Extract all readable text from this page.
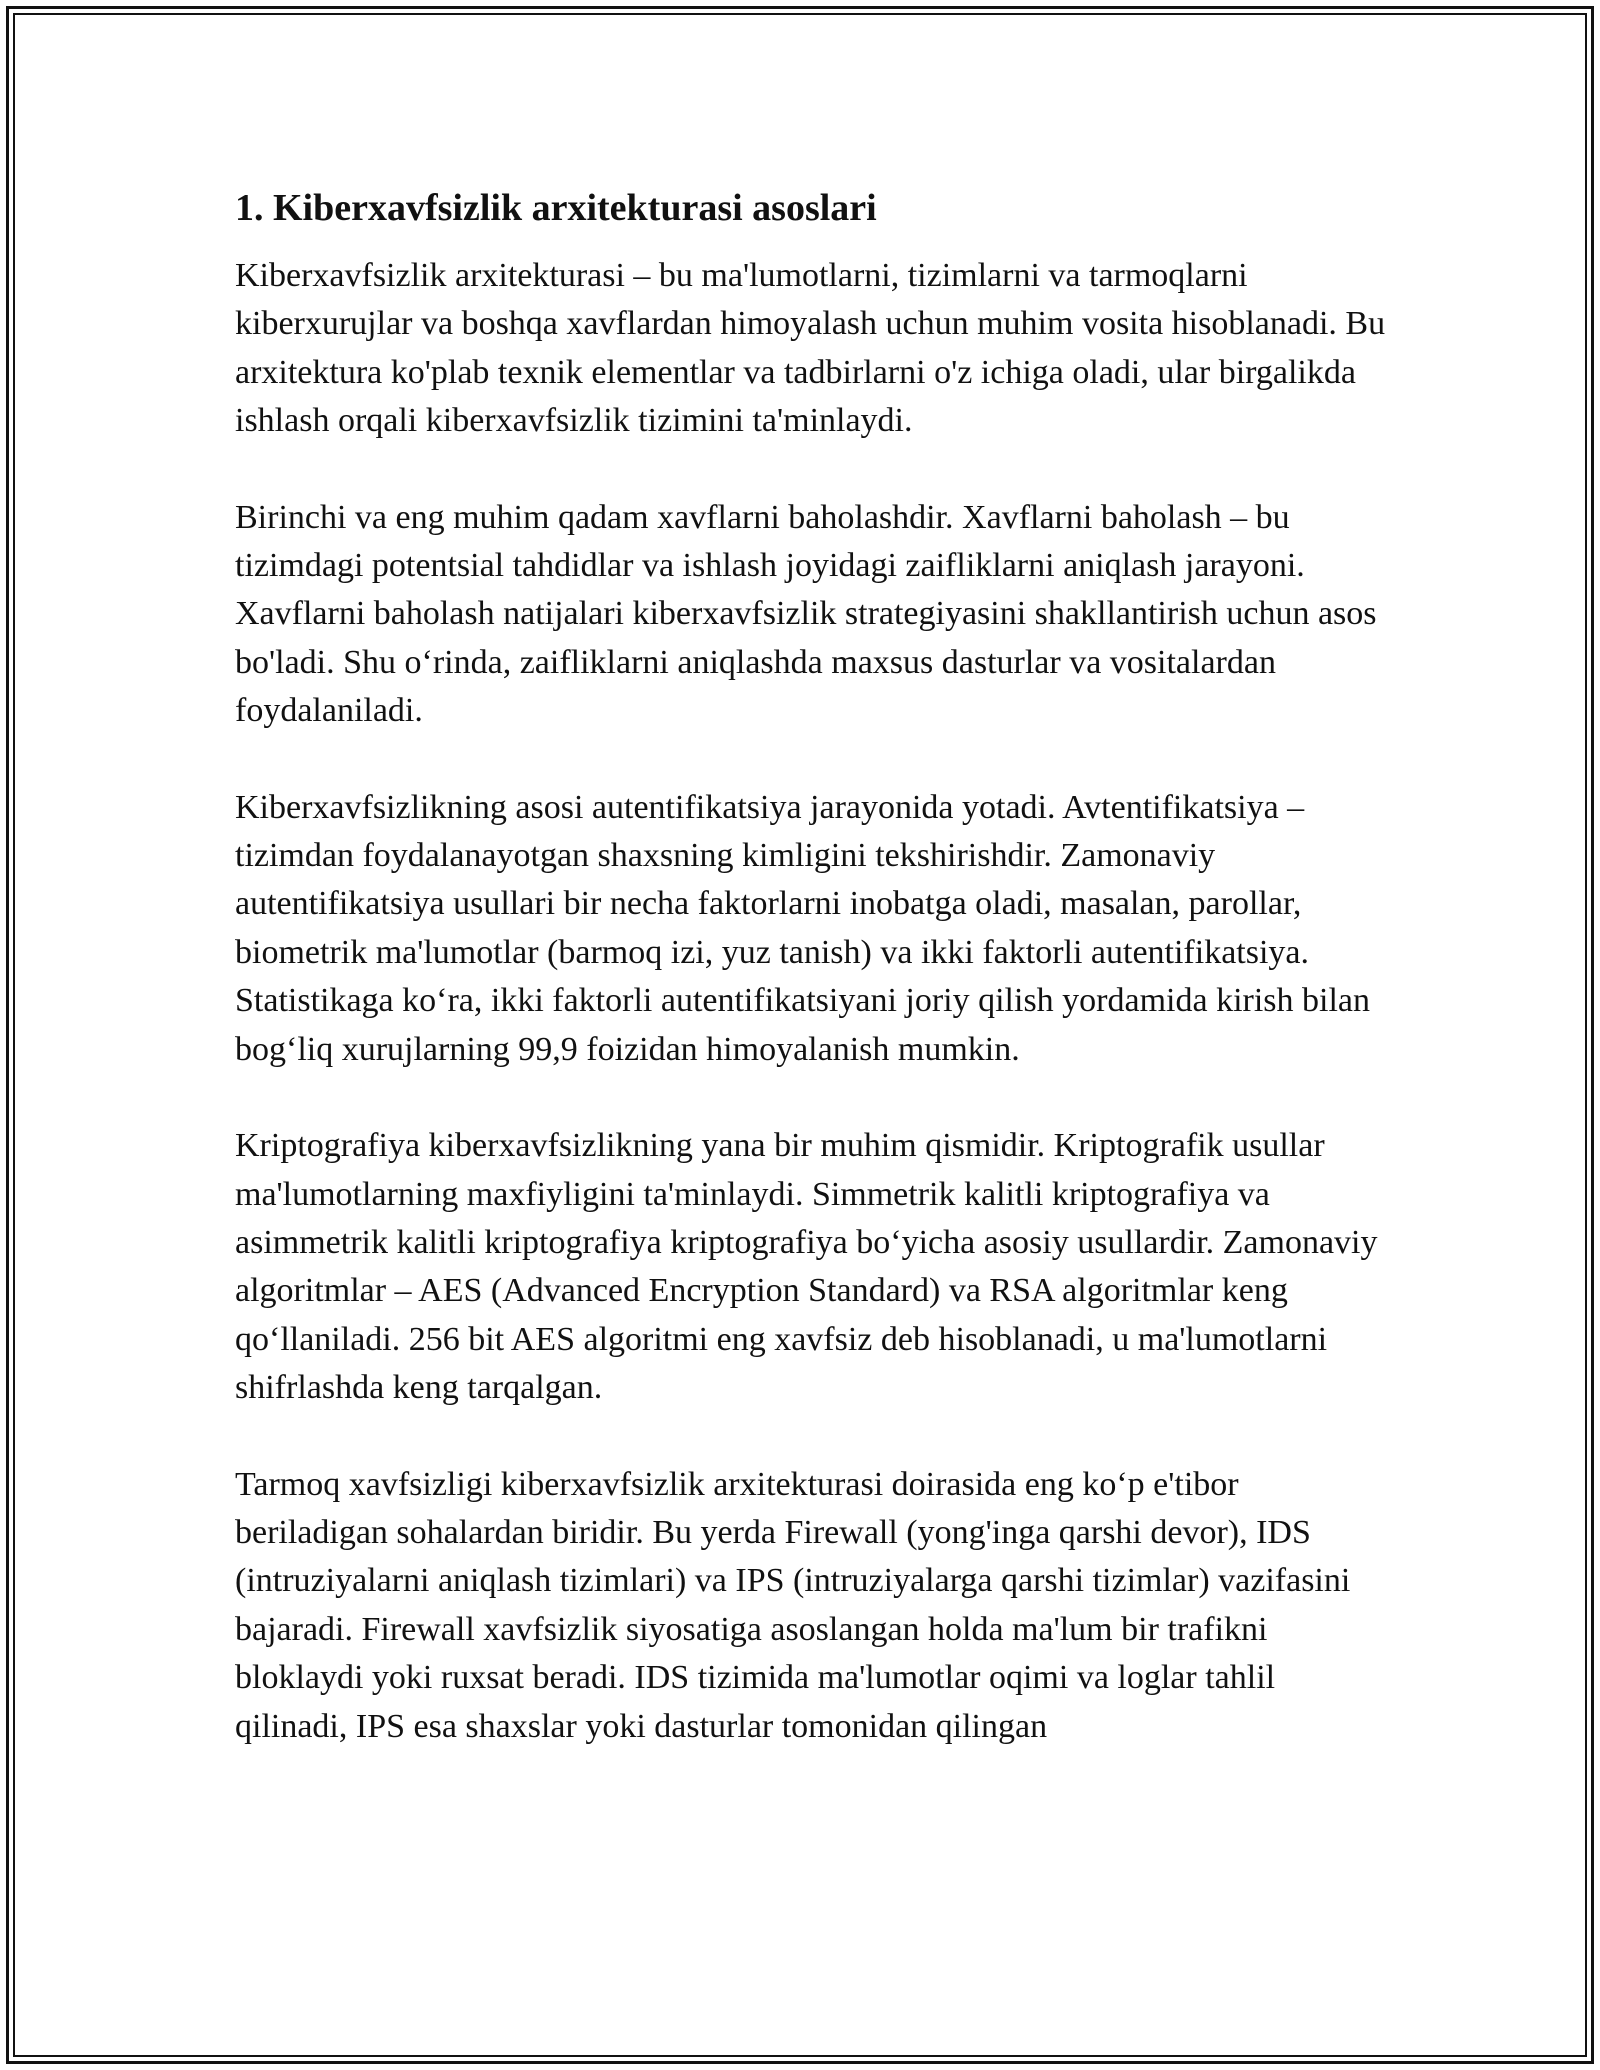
1. Kiberxavfsizlik arxitekturasi asoslari

Kiberxavfsizlik arxitekturasi – bu ma'lumotlarni, tizimlarni va tarmoqlarni kiberxurujlar va boshqa xavflardan himoyalash uchun muhim vosita hisoblanadi. Bu arxitektura ko'plab texnik elementlar va tadbirlarni o'z ichiga oladi, ular birgalikda ishlash orqali kiberxavfsizlik tizimini ta'minlaydi.

Birinchi va eng muhim qadam xavflarni baholashdir. Xavflarni baholash – bu tizimdagi potentsial tahdidlar va ishlash joyidagi zaifliklarni aniqlash jarayoni. Xavflarni baholash natijalari kiberxavfsizlik strategiyasini shakllantirish uchun asos bo'ladi. Shu o‘rinda, zaifliklarni aniqlashda maxsus dasturlar va vositalardan foydalaniladi.

Kiberxavfsizlikning asosi autentifikatsiya jarayonida yotadi. Avtentifikatsiya – tizimdan foydalanayotgan shaxsning kimligini tekshirishdir. Zamonaviy autentifikatsiya usullari bir necha faktorlarni inobatga oladi, masalan, parollar, biometrik ma'lumotlar (barmoq izi, yuz tanish) va ikki faktorli autentifikatsiya. Statistikaga ko‘ra, ikki faktorli autentifikatsiyani joriy qilish yordamida kirish bilan bog‘liq xurujlarning 99,9 foizidan himoyalanish mumkin.

Kriptografiya kiberxavfsizlikning yana bir muhim qismidir. Kriptografik usullar ma'lumotlarning maxfiyligini ta'minlaydi. Simmetrik kalitli kriptografiya va asimmetrik kalitli kriptografiya kriptografiya bo‘yicha asosiy usullardir. Zamonaviy algoritmlar – AES (Advanced Encryption Standard) va RSA algoritmlar keng qo‘llaniladi. 256 bit AES algoritmi eng xavfsiz deb hisoblanadi, u ma'lumotlarni shifrlashda keng tarqalgan.

Tarmoq xavfsizligi kiberxavfsizlik arxitekturasi doirasida eng ko‘p e'tibor beriladigan sohalardan biridir. Bu yerda Firewall (yong'inga qarshi devor), IDS (intruziyalarni aniqlash tizimlari) va IPS (intruziyalarga qarshi tizimlar) vazifasini bajaradi. Firewall xavfsizlik siyosatiga asoslangan holda ma'lum bir trafikni bloklaydi yoki ruxsat beradi. IDS tizimida ma'lumotlar oqimi va loglar tahlil qilinadi, IPS esa shaxslar yoki dasturlar tomonidan qilingan
